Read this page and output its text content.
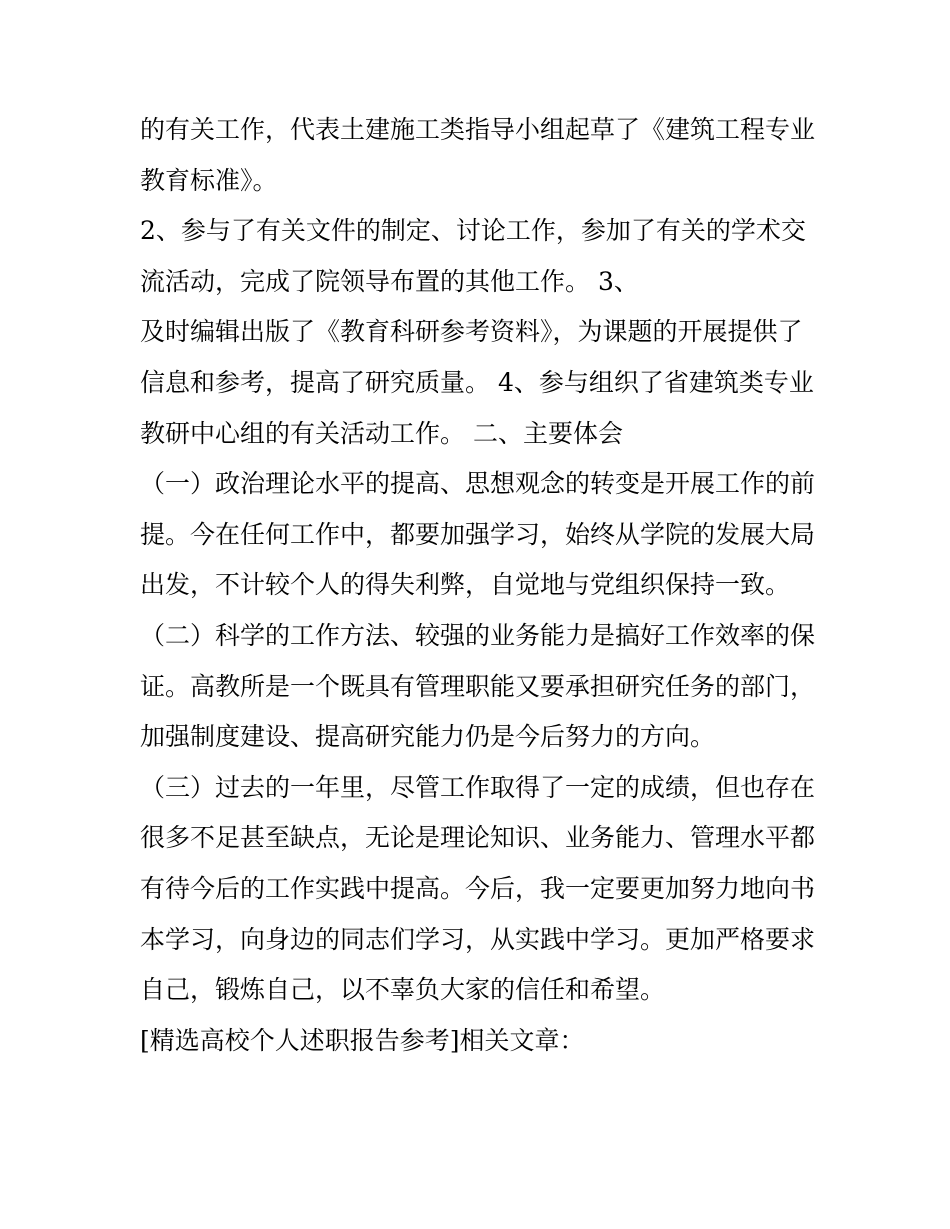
的有关工作，代表土建施工类指导小组起草了《建筑工程专业
教育标准》。
2、参与了有关文件的制定、讨论工作，参加了有关的学术交
流活动，完成了院领导布置的其他工作。 3、
及时编辑出版了《教育科研参考资料》，为课题的开展提供了
信息和参考，提高了研究质量。 4、参与组织了省建筑类专业
教研中心组的有关活动工作。 二、主要体会
（一）政治理论水平的提高、思想观念的转变是开展工作的前
提。今在任何工作中，都要加强学习，始终从学院的发展大局
出发，不计较个人的得失利弊，自觉地与党组织保持一致。
（二）科学的工作方法、较强的业务能力是搞好工作效率的保
证。高教所是一个既具有管理职能又要承担研究任务的部门，
加强制度建设、提高研究能力仍是今后努力的方向。
（三）过去的一年里，尽管工作取得了一定的成绩，但也存在
很多不足甚至缺点，无论是理论知识、业务能力、管理水平都
有待今后的工作实践中提高。今后，我一定要更加努力地向书
本学习，向身边的同志们学习，从实践中学习。更加严格要求
自己，锻炼自己，以不辜负大家的信任和希望。
[精选高校个人述职报告参考]相关文章：
